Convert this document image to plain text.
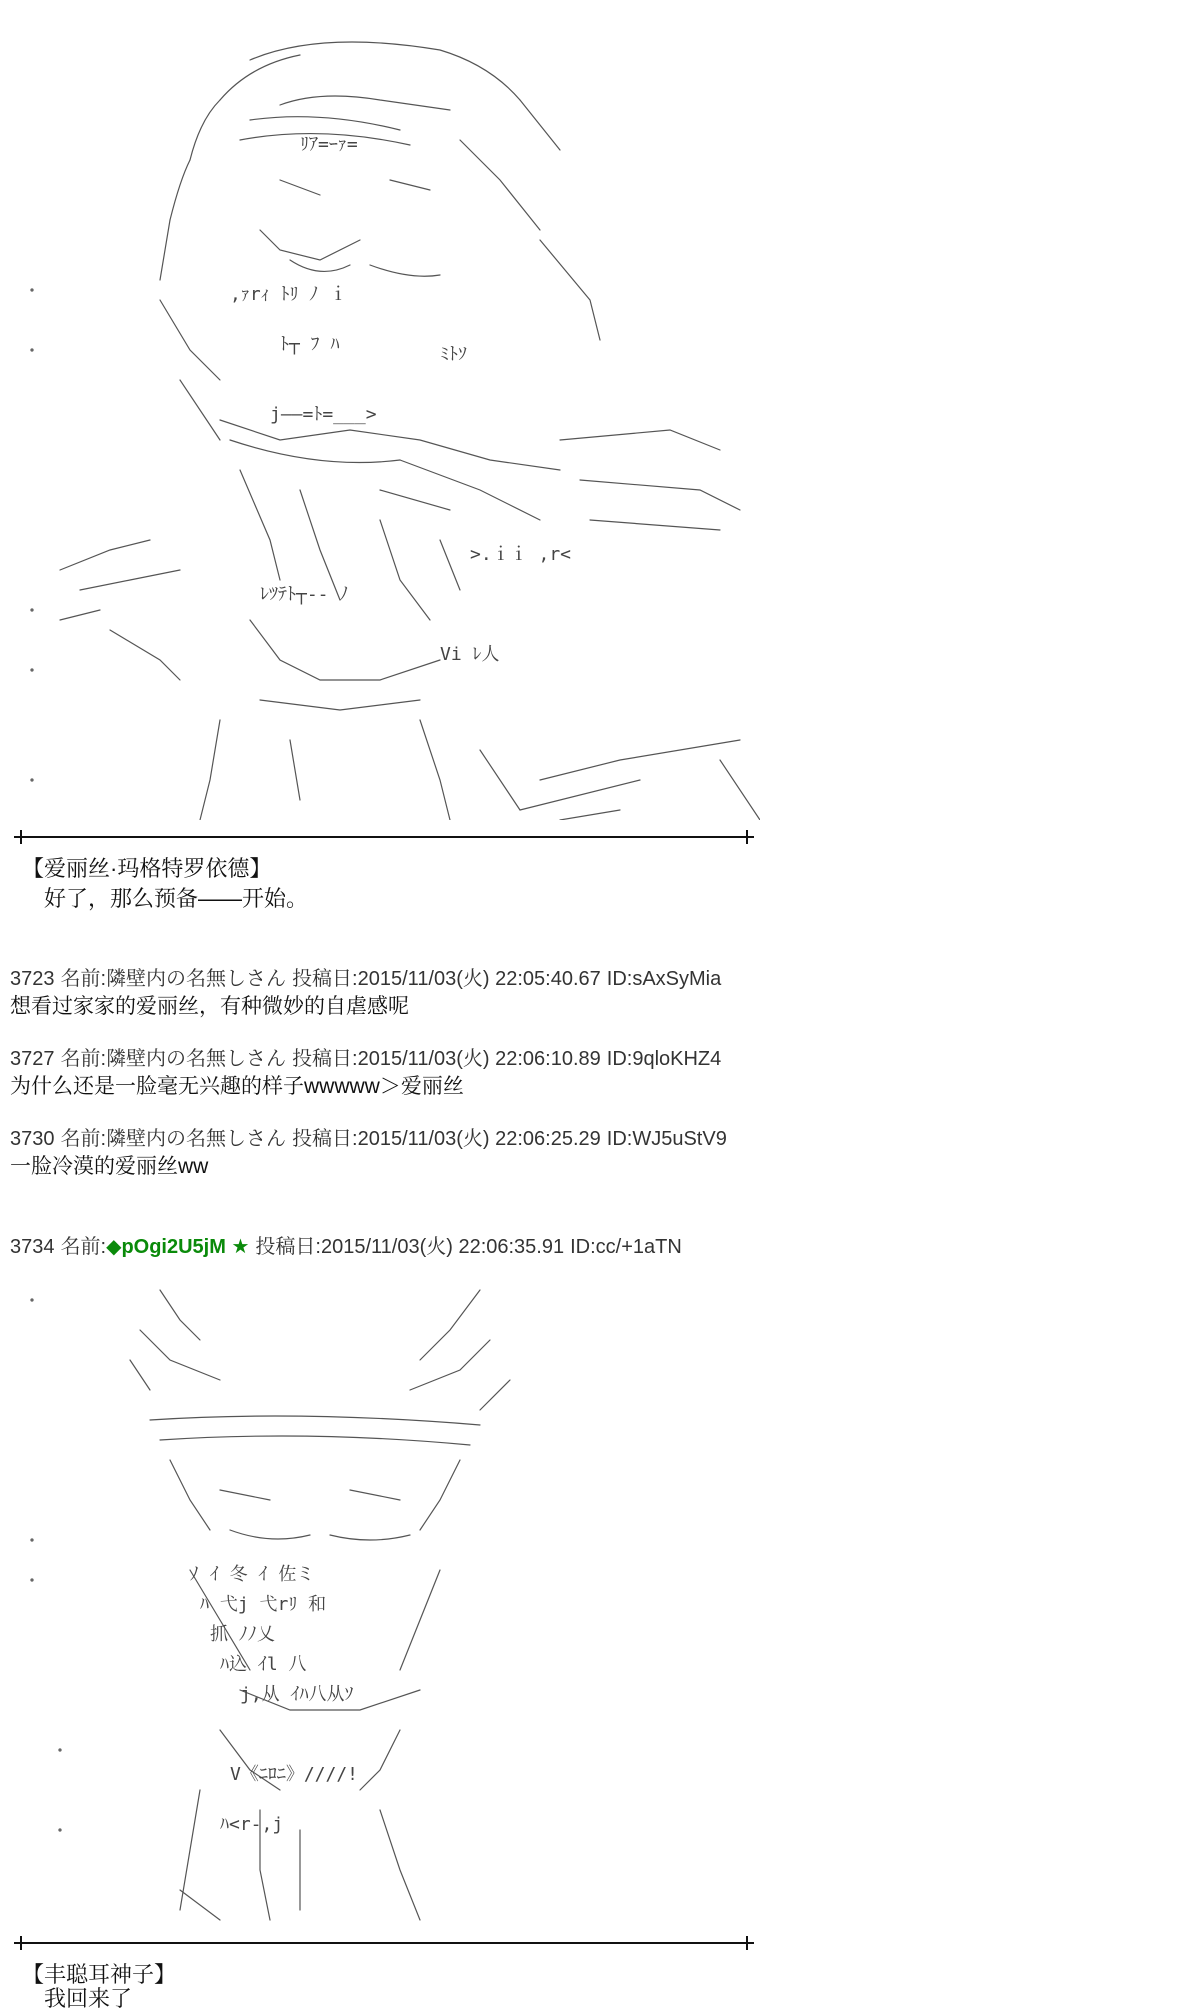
ﾘｱ=ｰｧ=
,ｧrｨ ﾄﾘ ﾉ ｉ
ﾄ┬ ﾌ ﾊ	ﾐﾄｿ
j――=ﾄ=___>
>.ｉｉ ,r<
ﾚﾂﾃﾄ┬-- ﾉ
Vi ﾚ人
【爱丽丝·玛格特罗依德】
好了，那么预备——开始。
3723 名前:隣壁内の名無しさん 投稿日:2015/11/03(火) 22:05:40.67 ID:sAxSyMia
想看过家家的爱丽丝，有种微妙的自虐感呢
3727 名前:隣壁内の名無しさん 投稿日:2015/11/03(火) 22:06:10.89 ID:9qloKHZ4
为什么还是一脸毫无兴趣的样子wwwww＞爱丽丝
3730 名前:隣壁内の名無しさん 投稿日:2015/11/03(火) 22:06:25.29 ID:WJ5uStV9
一脸冷漠的爱丽丝ww
3734 名前:◆pOgi2U5jM ★ 投稿日:2015/11/03(火) 22:06:35.91 ID:cc/+1aTN
ﾉ ｲ 冬 ｲ 佐ミ
ﾊ 弋j 弋rﾘ 和
抓 ﾉﾉ乂
ﾊ込 ｲl 八
j,从 ｲﾊ八从ｿ
V《ﾆﾛﾆ》////!
ﾊ<r-,j
【丰聪耳神子】
我回来了
